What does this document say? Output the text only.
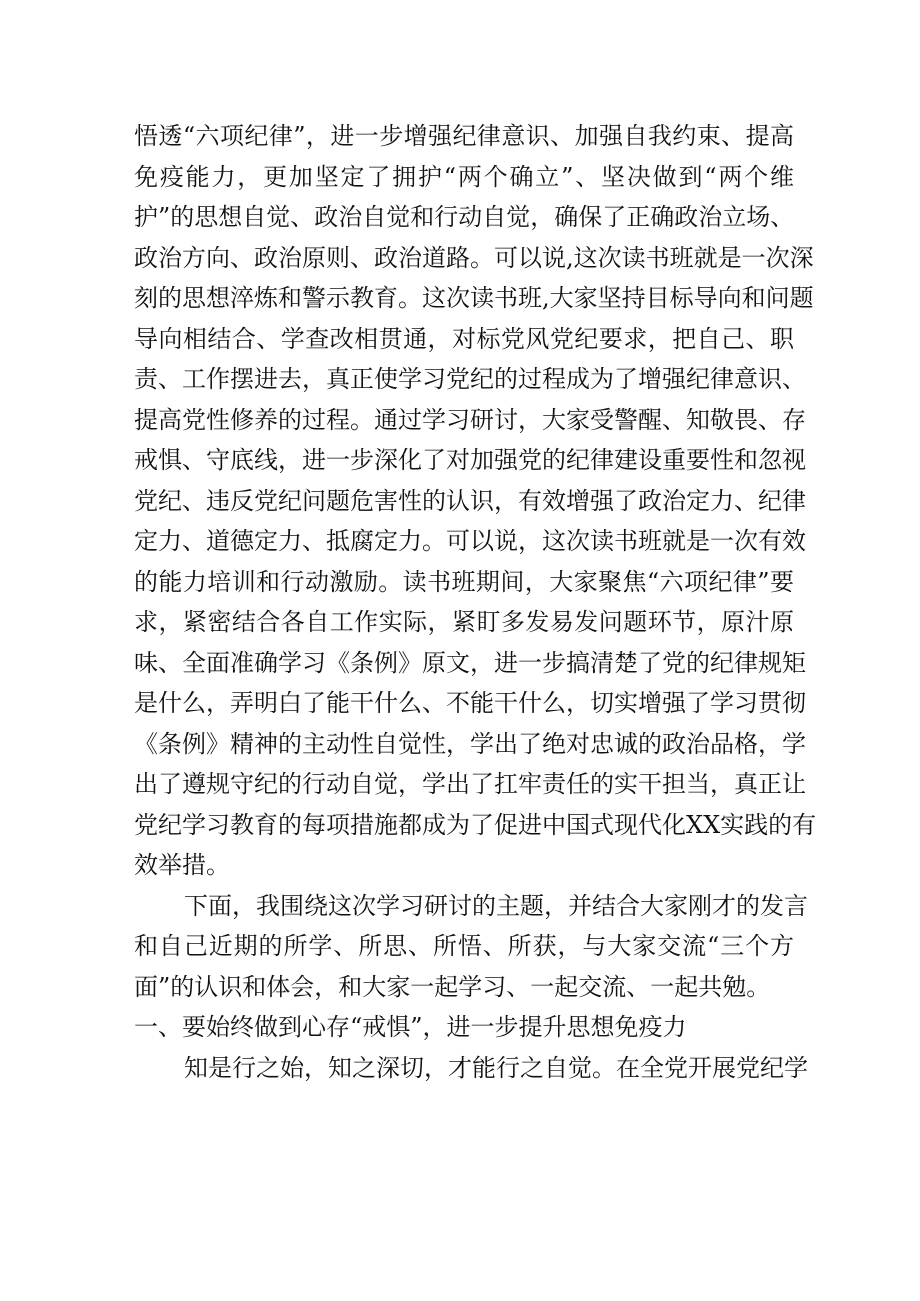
悟透“六项纪律”，进一步增强纪律意识、加强自我约束、提高
免疫能力，更加坚定了拥护“两个确立”、坚决做到“两个维
护”的思想自觉、政治自觉和行动自觉，确保了正确政治立场、
政治方向、政治原则、政治道路。可以说,这次读书班就是一次深
刻的思想淬炼和警示教育。这次读书班,大家坚持目标导向和问题
导向相结合、学查改相贯通，对标党风党纪要求，把自己、职
责、工作摆进去，真正使学习党纪的过程成为了增强纪律意识、
提高党性修养的过程。通过学习研讨，大家受警醒、知敬畏、存
戒惧、守底线，进一步深化了对加强党的纪律建设重要性和忽视
党纪、违反党纪问题危害性的认识，有效增强了政治定力、纪律
定力、道德定力、抵腐定力。可以说，这次读书班就是一次有效
的能力培训和行动激励。读书班期间，大家聚焦“六项纪律”要
求，紧密结合各自工作实际，紧盯多发易发问题环节，原汁原
味、全面准确学习《条例》原文，进一步搞清楚了党的纪律规矩
是什么，弄明白了能干什么、不能干什么，切实增强了学习贯彻
《条例》精神的主动性自觉性，学出了绝对忠诚的政治品格，学
出了遵规守纪的行动自觉，学出了扛牢责任的实干担当，真正让
党纪学习教育的每项措施都成为了促进中国式现代化XX实践的有
效举措。
下面，我围绕这次学习研讨的主题，并结合大家刚才的发言
和自己近期的所学、所思、所悟、所获，与大家交流“三个方
面”的认识和体会，和大家一起学习、一起交流、一起共勉。
一、要始终做到心存“戒惧”，进一步提升思想免疫力
知是行之始，知之深切，才能行之自觉。在全党开展党纪学
